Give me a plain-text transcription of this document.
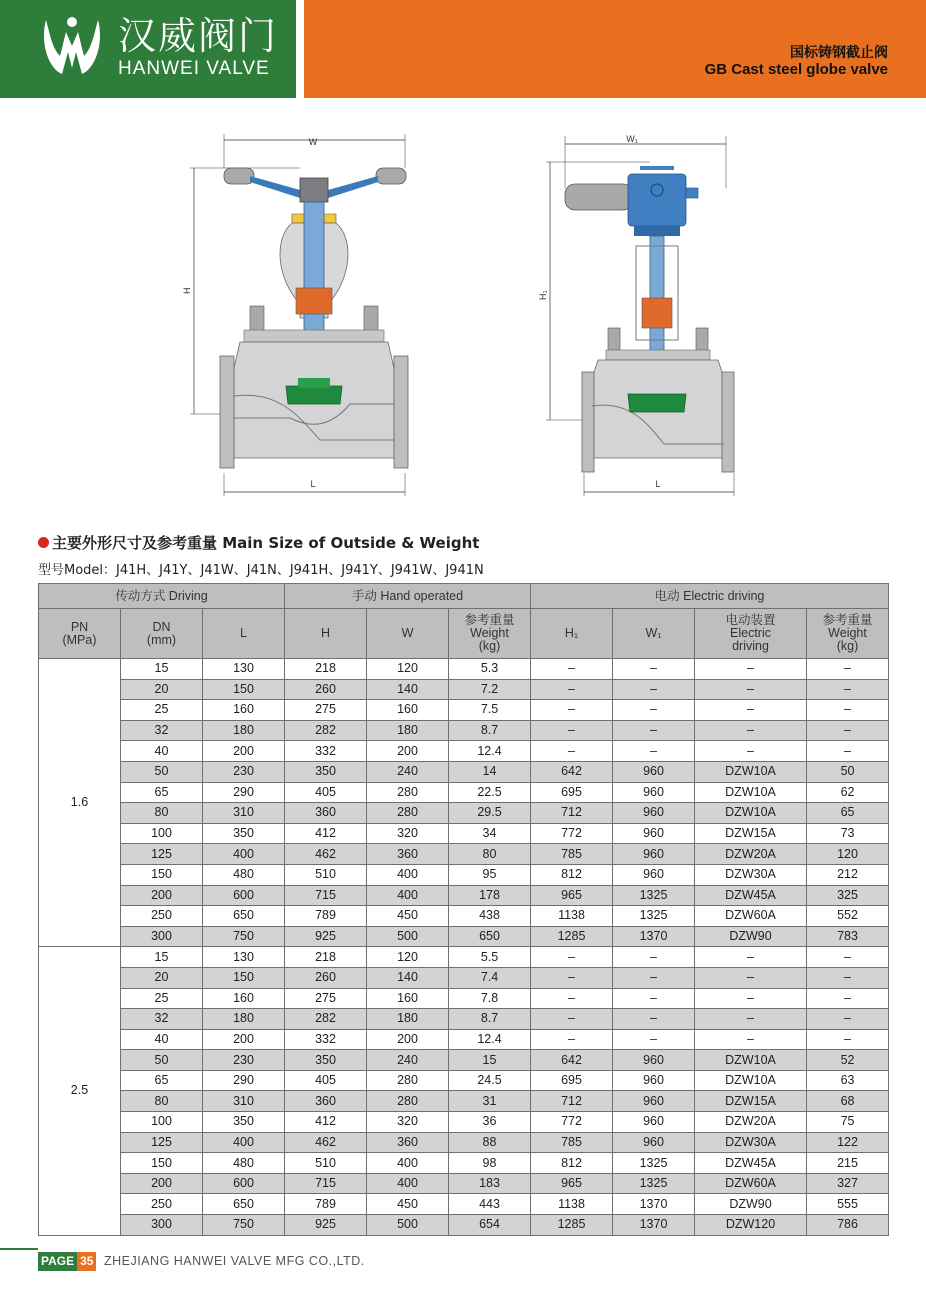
汉威阀门
HANWEI VALVE
国标铸钢截止阀
GB Cast steel globe valve
W
H
L
W₁
H₁
L
主要外形尺寸及参考重量 Main Size of Outside & Weight
型号Model：J41H、J41Y、J41W、J41N、J941H、J941Y、J941W、J941N
传动方式 Driving			手动 Hand operated			电动 Electric driving			

PN
(MPa)	DN
(mm)	L	H	W	参考重量
Weight
(kg)	H₁	W₁	电动装置
Electric
driving	参考重量
Weight
(kg)

1.6	15	130	218	120	5.3	–	–	–	–
	20	150	260	140	7.2	–	–	–	–
	25	160	275	160	7.5	–	–	–	–
	32	180	282	180	8.7	–	–	–	–
	40	200	332	200	12.4	–	–	–	–
	50	230	350	240	14	642	960	DZW10A	50
	65	290	405	280	22.5	695	960	DZW10A	62
	80	310	360	280	29.5	712	960	DZW10A	65
	100	350	412	320	34	772	960	DZW15A	73
	125	400	462	360	80	785	960	DZW20A	120
	150	480	510	400	95	812	960	DZW30A	212
	200	600	715	400	178	965	1325	DZW45A	325
	250	650	789	450	438	1138	1325	DZW60A	552
	300	750	925	500	650	1285	1370	DZW90	783
2.5	15	130	218	120	5.5	–	–	–	–
	20	150	260	140	7.4	–	–	–	–
	25	160	275	160	7.8	–	–	–	–
	32	180	282	180	8.7	–	–	–	–
	40	200	332	200	12.4	–	–	–	–
	50	230	350	240	15	642	960	DZW10A	52
	65	290	405	280	24.5	695	960	DZW10A	63
	80	310	360	280	31	712	960	DZW15A	68
	100	350	412	320	36	772	960	DZW20A	75
	125	400	462	360	88	785	960	DZW30A	122
	150	480	510	400	98	812	1325	DZW45A	215
	200	600	715	400	183	965	1325	DZW60A	327
	250	650	789	450	443	1138	1370	DZW90	555
	300	750	925	500	654	1285	1370	DZW120	786
PAGE 35 ZHEJIANG HANWEI VALVE MFG CO.,LTD.
